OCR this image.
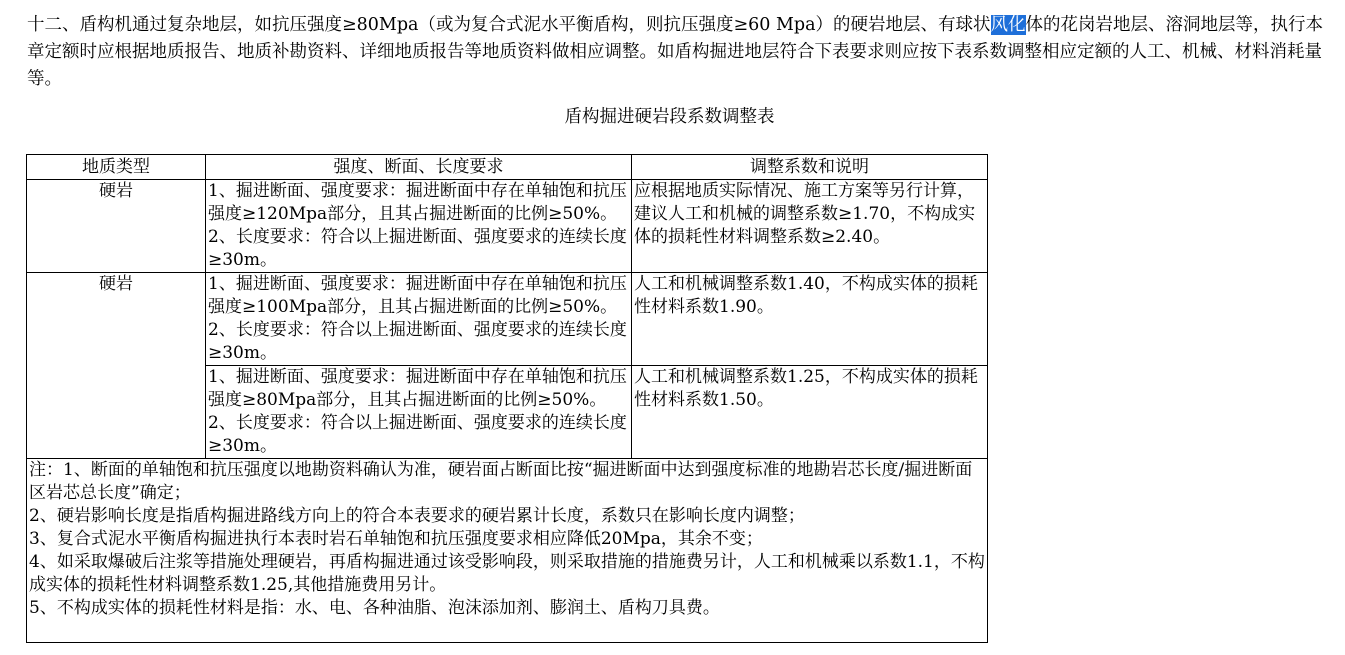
十二、盾构机通过复杂地层，如抗压强度≥80Mpa（或为复合式泥水平衡盾构，则抗压强度≥60 Mpa）的硬岩地层、有球状风化体的花岗岩地层、溶洞地层等，执行本章定额时应根据地质报告、地质补勘资料、详细地质报告等地质资料做相应调整。如盾构掘进地层符合下表要求则应按下表系数调整相应定额的人工、机械、材料消耗量等。
盾构掘进硬岩段系数调整表
地质类型	强度、断面、长度要求	调整系数和说明
硬岩	1、掘进断面、强度要求：掘进断面中存在单轴饱和抗压强度≥120Mpa部分，且其占掘进断面的比例≥50%。2、长度要求：符合以上掘进断面、强度要求的连续长度≥30m。	应根据地质实际情况、施工方案等另行计算，建议人工和机械的调整系数≥1.70，不构成实体的损耗性材料调整系数≥2.40。
硬岩	1、掘进断面、强度要求：掘进断面中存在单轴饱和抗压强度≥100Mpa部分，且其占掘进断面的比例≥50%。2、长度要求：符合以上掘进断面、强度要求的连续长度≥30m。	人工和机械调整系数1.40，不构成实体的损耗性材料系数1.90。
	1、掘进断面、强度要求：掘进断面中存在单轴饱和抗压强度≥80Mpa部分，且其占掘进断面的比例≥50%。2、长度要求：符合以上掘进断面、强度要求的连续长度≥30m。	人工和机械调整系数1.25，不构成实体的损耗性材料系数1.50。

注：1、断面的单轴饱和抗压强度以地勘资料确认为准，硬岩面占断面比按“掘进断面中达到强度标准的地勘岩芯长度/掘进断面区岩芯总长度”确定；
2、硬岩影响长度是指盾构掘进路线方向上的符合本表要求的硬岩累计长度，系数只在影响长度内调整；
3、复合式泥水平衡盾构掘进执行本表时岩石单轴饱和抗压强度要求相应降低20Mpa，其余不变；
4、如采取爆破后注浆等措施处理硬岩，再盾构掘进通过该受影响段，则采取措施的措施费另计，人工和机械乘以系数1.1，不构成实体的损耗性材料调整系数1.25,其他措施费用另计。
5、不构成实体的损耗性材料是指：水、电、各种油脂、泡沫添加剂、膨润土、盾构刀具费。		
